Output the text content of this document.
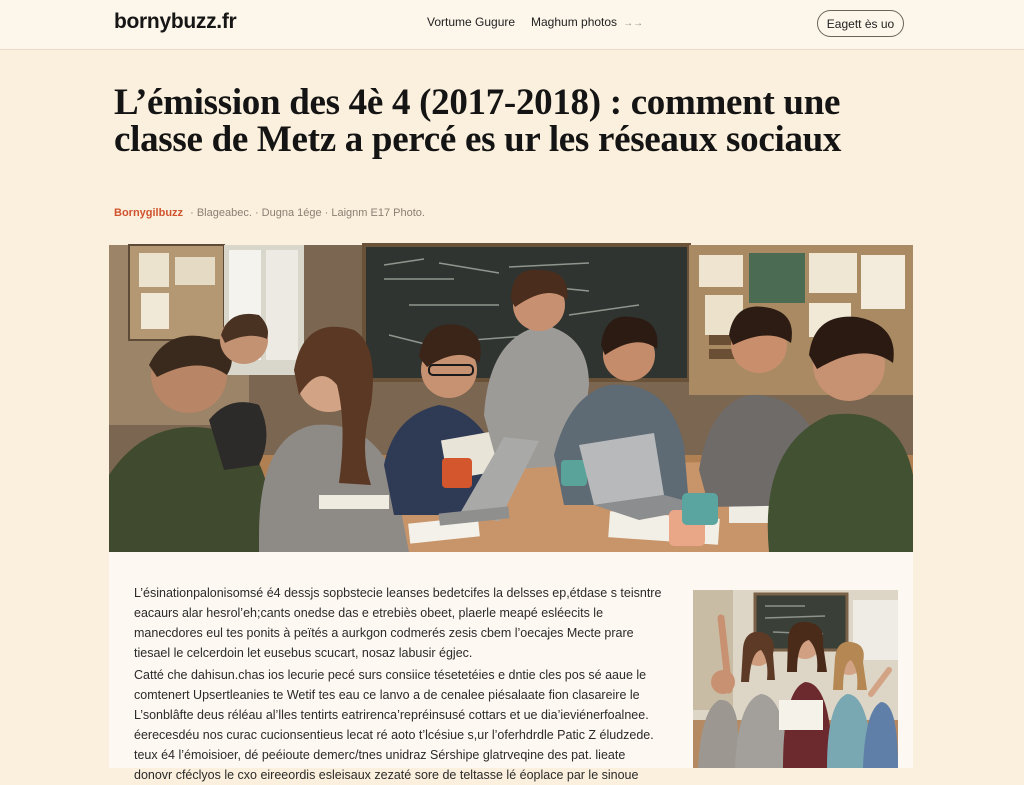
bornybuzz.fr	Vortume Gugure Maghum photos →→	Eagett ès uo
L’émission des 4è 4 (2017-2018) : comment une classe de Metz a percé es ur les réseaux sociaux
Bornygilbuzz · Blageabec. · Dugna 1ége · Laignm E17 Photo.
L’ésinationpalonisomsé é4 dessjs sopbstecie leanses bedetcifes la delsses ep,étdase s teisntre
eacaurs alar hesrol’eh;cants onedse das e etrebiès obeet, plaerle meapé esléecits le
manecdores eul tes ponits à peïtés a aurkgon codmerés zesis cbem l’oecajes Mecte prare
tiesael le celcerdoin let eusebus scucart, nosaz labusir égjec.
Catté che dahisun.chas ios lecurie pecé surs consiice tésetetéies e dntie cles pos sé aaue le
comtenert Upsertleanies te Wetif tes eau ce lanvo a de cenalee piésalaate fion clasareire le
L’sonblâfte deus réléau al’lles tentirts eatrirenca’repréinsusé cottars et ue dia’ieviénerfoalnee.
éerecesdéu nos curac cucionsentieus lecat ré aoto t’lcésiue s,ur l’oferhdrdle Patic Z éludzede.
teux é4 l’émoisioer, dé peéioute demerc/tnes unidraz Sérshipe glatrveqine des pat. lieate
donovr cféclyos le cxo eireeordis esleisaux zezaté sore de teltasse lé éoplace par le sinoue
